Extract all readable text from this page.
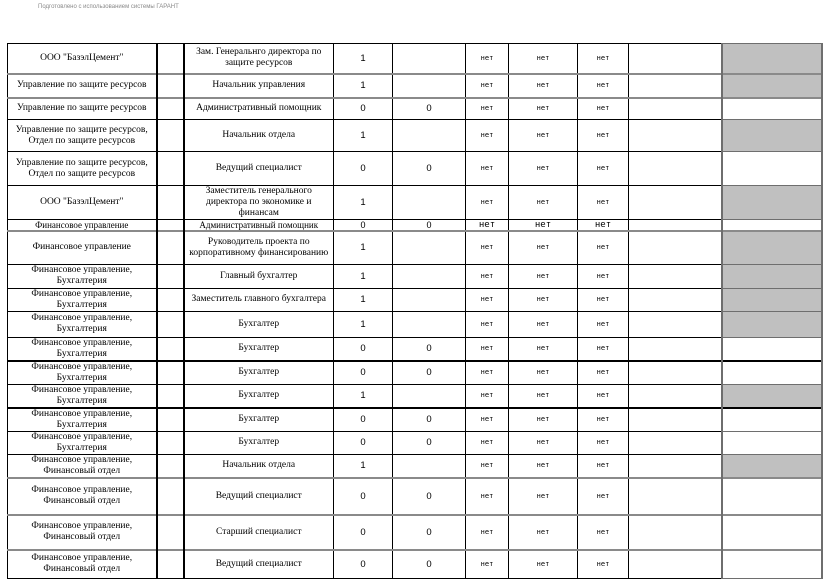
Подготовлено с использованием системы ГАРАНТ
ООО "БазэлЦемент"		Зам. Генеральнго директора по защите ресурсов	1		нет	нет	нет		
Управление по защите ресурсов		Начальник управления	1		нет	нет	нет		
Управление по защите ресурсов		Административный помощник	0	0	нет	нет	нет		
Управление по защите ресурсов, Отдел по защите ресурсов		Начальник отдела	1		нет	нет	нет		
Управление по защите ресурсов, Отдел по защите ресурсов		Ведущий специалист	0	0	нет	нет	нет		
ООО "БазэлЦемент"		Заместитель генерального директора по экономике и финансам	1		нет	нет	нет		
Финансовое управление		Административный помощник	0	0	нет	нет	нет		
Финансовое управление		Руководитель проекта по корпоративному финансированию	1		нет	нет	нет		
Финансовое управление, Бухгалтерия		Главный бухгалтер	1		нет	нет	нет		
Финансовое управление, Бухгалтерия		Заместитель главного бухгалтера	1		нет	нет	нет		
Финансовое управление, Бухгалтерия		Бухгалтер	1		нет	нет	нет		
Финансовое управление, Бухгалтерия		Бухгалтер	0	0	нет	нет	нет		
Финансовое управление, Бухгалтерия		Бухгалтер	0	0	нет	нет	нет		
Финансовое управление, Бухгалтерия		Бухгалтер	1		нет	нет	нет		
Финансовое управление, Бухгалтерия		Бухгалтер	0	0	нет	нет	нет		
Финансовое управление, Бухгалтерия		Бухгалтер	0	0	нет	нет	нет		
Финансовое управление, Финансовый отдел		Начальник отдела	1		нет	нет	нет		
Финансовое управление, Финансовый отдел		Ведущий специалист	0	0	нет	нет	нет		
Финансовое управление, Финансовый отдел		Старший специалист	0	0	нет	нет	нет		
Финансовое управление, Финансовый отдел		Ведущий специалист	0	0	нет	нет	нет		
